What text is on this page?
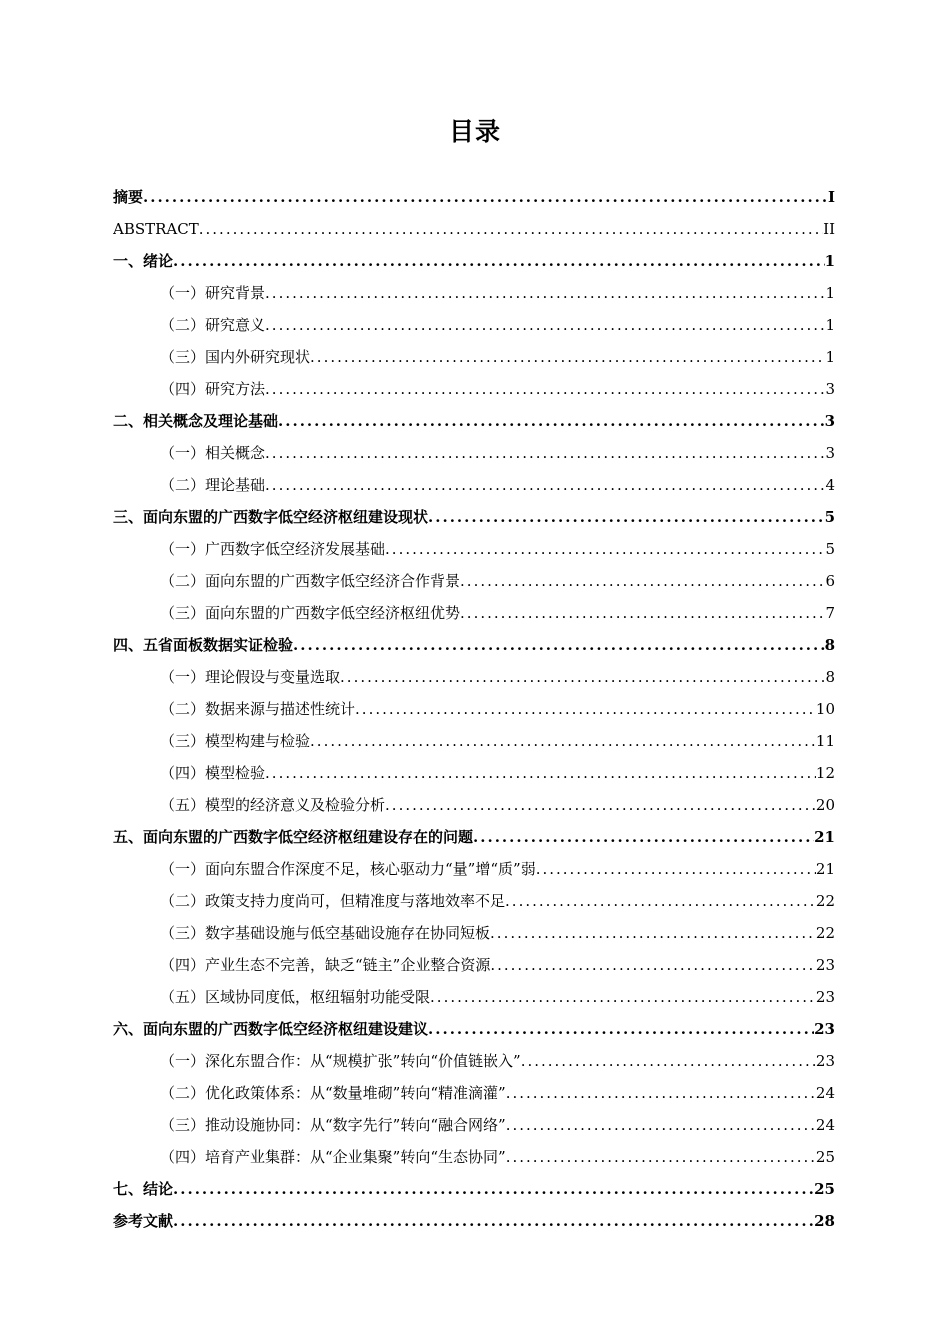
目录
摘要 .....	I
ABSTRACT .....	II
一、 绪论 .....	1
（一） 研究背景 .....	1
（二） 研究意义 .....	1
（三） 国内外研究现状 .....	1
（四） 研究方法 .....	3
二、 相关概念及理论基础 .....	3
（一） 相关概念 .....	3
（二） 理论基础 .....	4
三、 面向东盟的广西数字低空经济枢纽建设现状 .....	5
（一） 广西数字低空经济发展基础 .....	5
（二） 面向东盟的广西数字低空经济合作背景 .....	6
（三） 面向东盟的广西数字低空经济枢纽优势 .....	7
四、 五省面板数据实证检验 .....	8
（一） 理论假设与变量选取 .....	8
（二） 数据来源与描述性统计 .....	10
（三） 模型构建与检验 .....	11
（四） 模型检验 .....	12
（五） 模型的经济意义及检验分析 .....	20
五、 面向东盟的广西数字低空经济枢纽建设存在的问题 .....	21
（一） 面向东盟合作深度不足，核心驱动力“量”增“质”弱 .....	21
（二） 政策支持力度尚可，但精准度与落地效率不足 .....	22
（三） 数字基础设施与低空基础设施存在协同短板 .....	22
（四） 产业生态不完善，缺乏“链主”企业整合资源 .....	23
（五） 区域协同度低，枢纽辐射功能受限 .....	23
六、 面向东盟的广西数字低空经济枢纽建设建议 .....	23
（一） 深化东盟合作：从“规模扩张”转向“价值链嵌入” .....	23
（二） 优化政策体系：从“数量堆砌”转向“精准滴灌” .....	24
（三） 推动设施协同：从“数字先行”转向“融合网络” .....	24
（四） 培育产业集群：从“企业集聚”转向“生态协同” .....	25
七、 结论 .....	25
参考文献 .....	28
